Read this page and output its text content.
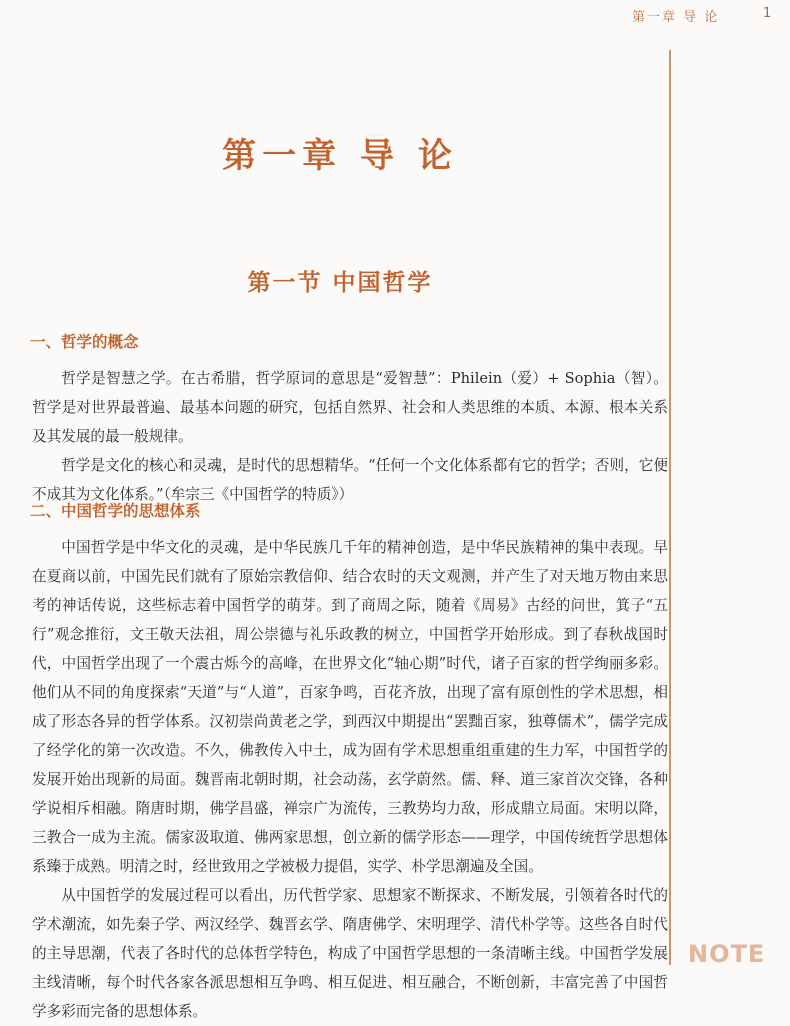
第一章 导 论	1
第一章 导 论
第一节 中国哲学
一、哲学的概念

哲学是智慧之学。在古希腊，哲学原词的意思是“爱智慧”：Philein（爱）+ Sophia（智）。哲学是对世界最普遍、最基本问题的研究，包括自然界、社会和人类思维的本质、本源、根本关系及其发展的最一般规律。

哲学是文化的核心和灵魂，是时代的思想精华。“任何一个文化体系都有它的哲学；否则，它便不成其为文化体系。”（牟宗三《中国哲学的特质》）

二、中国哲学的思想体系

中国哲学是中华文化的灵魂，是中华民族几千年的精神创造，是中华民族精神的集中表现。早在夏商以前，中国先民们就有了原始宗教信仰、结合农时的天文观测，并产生了对天地万物由来思考的神话传说，这些标志着中国哲学的萌芽。到了商周之际，随着《周易》古经的问世，箕子“五行”观念推衍，文王敬天法祖，周公崇德与礼乐政教的树立，中国哲学开始形成。到了春秋战国时代，中国哲学出现了一个震古烁今的高峰，在世界文化“轴心期”时代，诸子百家的哲学绚丽多彩。他们从不同的角度探索“天道”与“人道”，百家争鸣，百花齐放，出现了富有原创性的学术思想，相成了形态各异的哲学体系。汉初崇尚黄老之学，到西汉中期提出“罢黜百家，独尊儒术”，儒学完成了经学化的第一次改造。不久，佛教传入中土，成为固有学术思想重组重建的生力军，中国哲学的发展开始出现新的局面。魏晋南北朝时期，社会动荡，玄学蔚然。儒、释、道三家首次交锋，各种学说相斥相融。隋唐时期，佛学昌盛，禅宗广为流传，三教势均力敌，形成鼎立局面。宋明以降，三教合一成为主流。儒家汲取道、佛两家思想，创立新的儒学形态——理学，中国传统哲学思想体系臻于成熟。明清之时，经世致用之学被极力提倡，实学、朴学思潮遍及全国。

从中国哲学的发展过程可以看出，历代哲学家、思想家不断探求、不断发展，引领着各时代的学术潮流，如先秦子学、两汉经学、魏晋玄学、隋唐佛学、宋明理学、清代朴学等。这些各自时代的主导思潮，代表了各时代的总体哲学特色，构成了中国哲学思想的一条清晰主线。中国哲学发展主线清晰，每个时代各家各派思想相互争鸣、相互促进、相互融合，不断创新，丰富完善了中国哲学多彩而完备的思想体系。

NOTE
